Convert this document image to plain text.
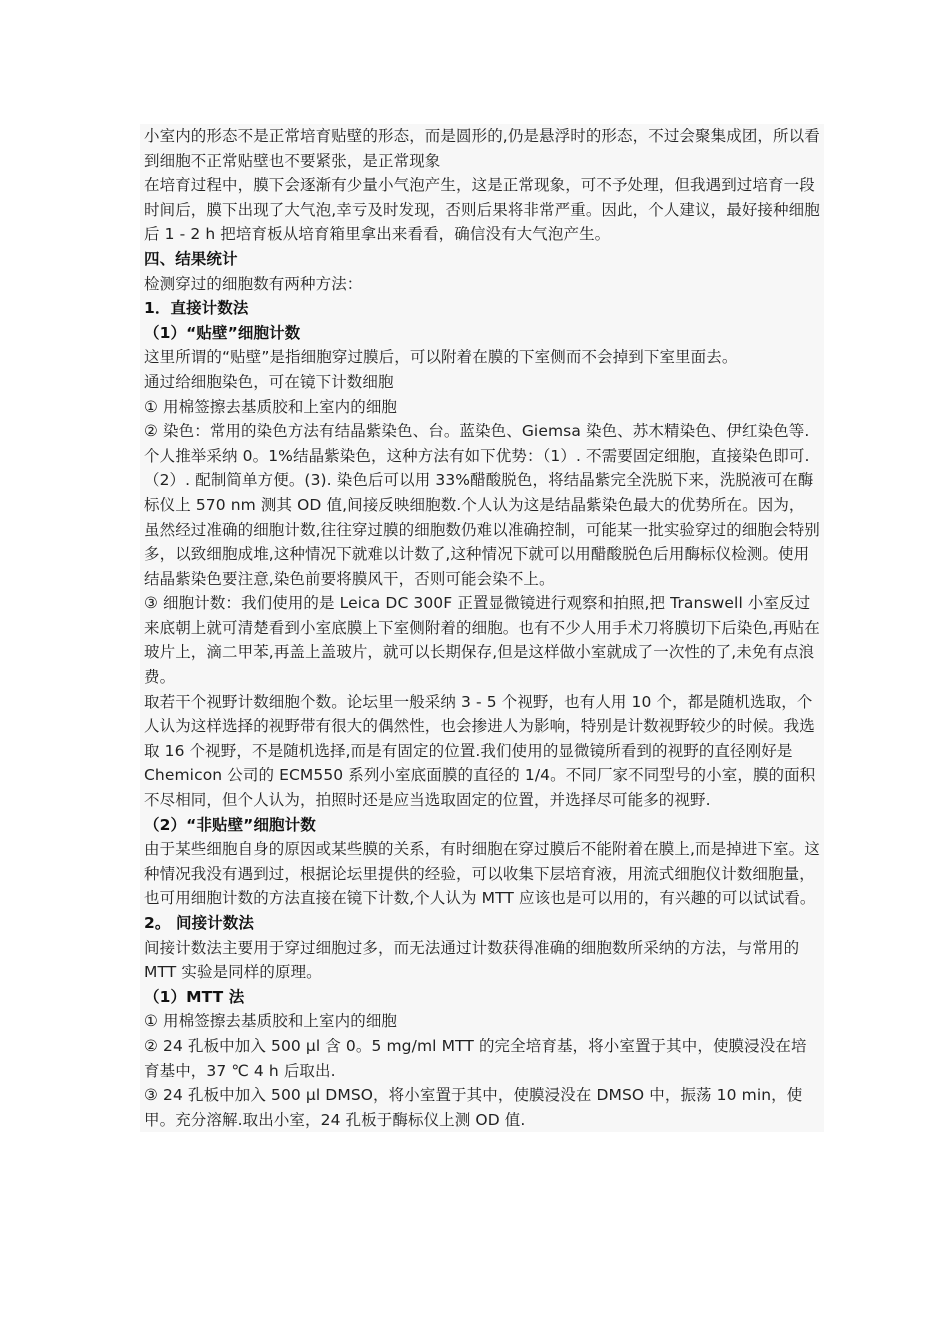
小室内的形态不是正常培育贴壁的形态，而是圆形的,仍是悬浮时的形态，不过会聚集成团，所以看到细胞不正常贴壁也不要紧张，是正常现象

在培育过程中，膜下会逐渐有少量小气泡产生，这是正常现象，可不予处理，但我遇到过培育一段时间后，膜下出现了大气泡,幸亏及时发现，否则后果将非常严重。因此，个人建议，最好接种细胞后 1 - 2 h 把培育板从培育箱里拿出来看看，确信没有大气泡产生。

四、结果统计

检测穿过的细胞数有两种方法：

1．直接计数法

（1）“贴壁”细胞计数

这里所谓的“贴壁”是指细胞穿过膜后，可以附着在膜的下室侧而不会掉到下室里面去。

通过给细胞染色，可在镜下计数细胞

① 用棉签擦去基质胶和上室内的细胞

② 染色：常用的染色方法有结晶紫染色、台。蓝染色、Giemsa 染色、苏木精染色、伊红染色等.个人推举采纳 0。1%结晶紫染色，这种方法有如下优势：（1）. 不需要固定细胞，直接染色即可.（2）. 配制简单方便。(3). 染色后可以用 33%醋酸脱色，将结晶紫完全洗脱下来，洗脱液可在酶标仪上 570 nm 测其 OD 值,间接反映细胞数.个人认为这是结晶紫染色最大的优势所在。因为，虽然经过准确的细胞计数,往往穿过膜的细胞数仍难以准确控制，可能某一批实验穿过的细胞会特别多，以致细胞成堆,这种情况下就难以计数了,这种情况下就可以用醋酸脱色后用酶标仪检测。使用结晶紫染色要注意,染色前要将膜风干，否则可能会染不上。

③ 细胞计数：我们使用的是 Leica DC 300F 正置显微镜进行观察和拍照,把 Transwell 小室反过来底朝上就可清楚看到小室底膜上下室侧附着的细胞。也有不少人用手术刀将膜切下后染色,再贴在玻片上，滴二甲苯,再盖上盖玻片，就可以长期保存,但是这样做小室就成了一次性的了,未免有点浪费。

取若干个视野计数细胞个数。论坛里一般采纳 3 - 5 个视野，也有人用 10 个，都是随机选取，个人认为这样选择的视野带有很大的偶然性，也会掺进人为影响，特别是计数视野较少的时候。我选取 16 个视野，不是随机选择,而是有固定的位置.我们使用的显微镜所看到的视野的直径刚好是 Chemicon 公司的 ECM550 系列小室底面膜的直径的 1/4。不同厂家不同型号的小室，膜的面积不尽相同，但个人认为，拍照时还是应当选取固定的位置，并选择尽可能多的视野.

（2）“非贴壁”细胞计数

由于某些细胞自身的原因或某些膜的关系，有时细胞在穿过膜后不能附着在膜上,而是掉进下室。这种情况我没有遇到过，根据论坛里提供的经验，可以收集下层培育液，用流式细胞仪计数细胞量，也可用细胞计数的方法直接在镜下计数,个人认为 MTT 应该也是可以用的，有兴趣的可以试试看。

2。 间接计数法

间接计数法主要用于穿过细胞过多，而无法通过计数获得准确的细胞数所采纳的方法，与常用的 MTT 实验是同样的原理。

（1）MTT 法

① 用棉签擦去基质胶和上室内的细胞

② 24 孔板中加入 500 µl 含 0。5 mg/ml MTT 的完全培育基，将小室置于其中，使膜浸没在培育基中，37 ℃ 4 h 后取出.

③ 24 孔板中加入 500 µl DMSO，将小室置于其中，使膜浸没在 DMSO 中，振荡 10 min，使甲。充分溶解.取出小室，24 孔板于酶标仪上测 OD 值.
